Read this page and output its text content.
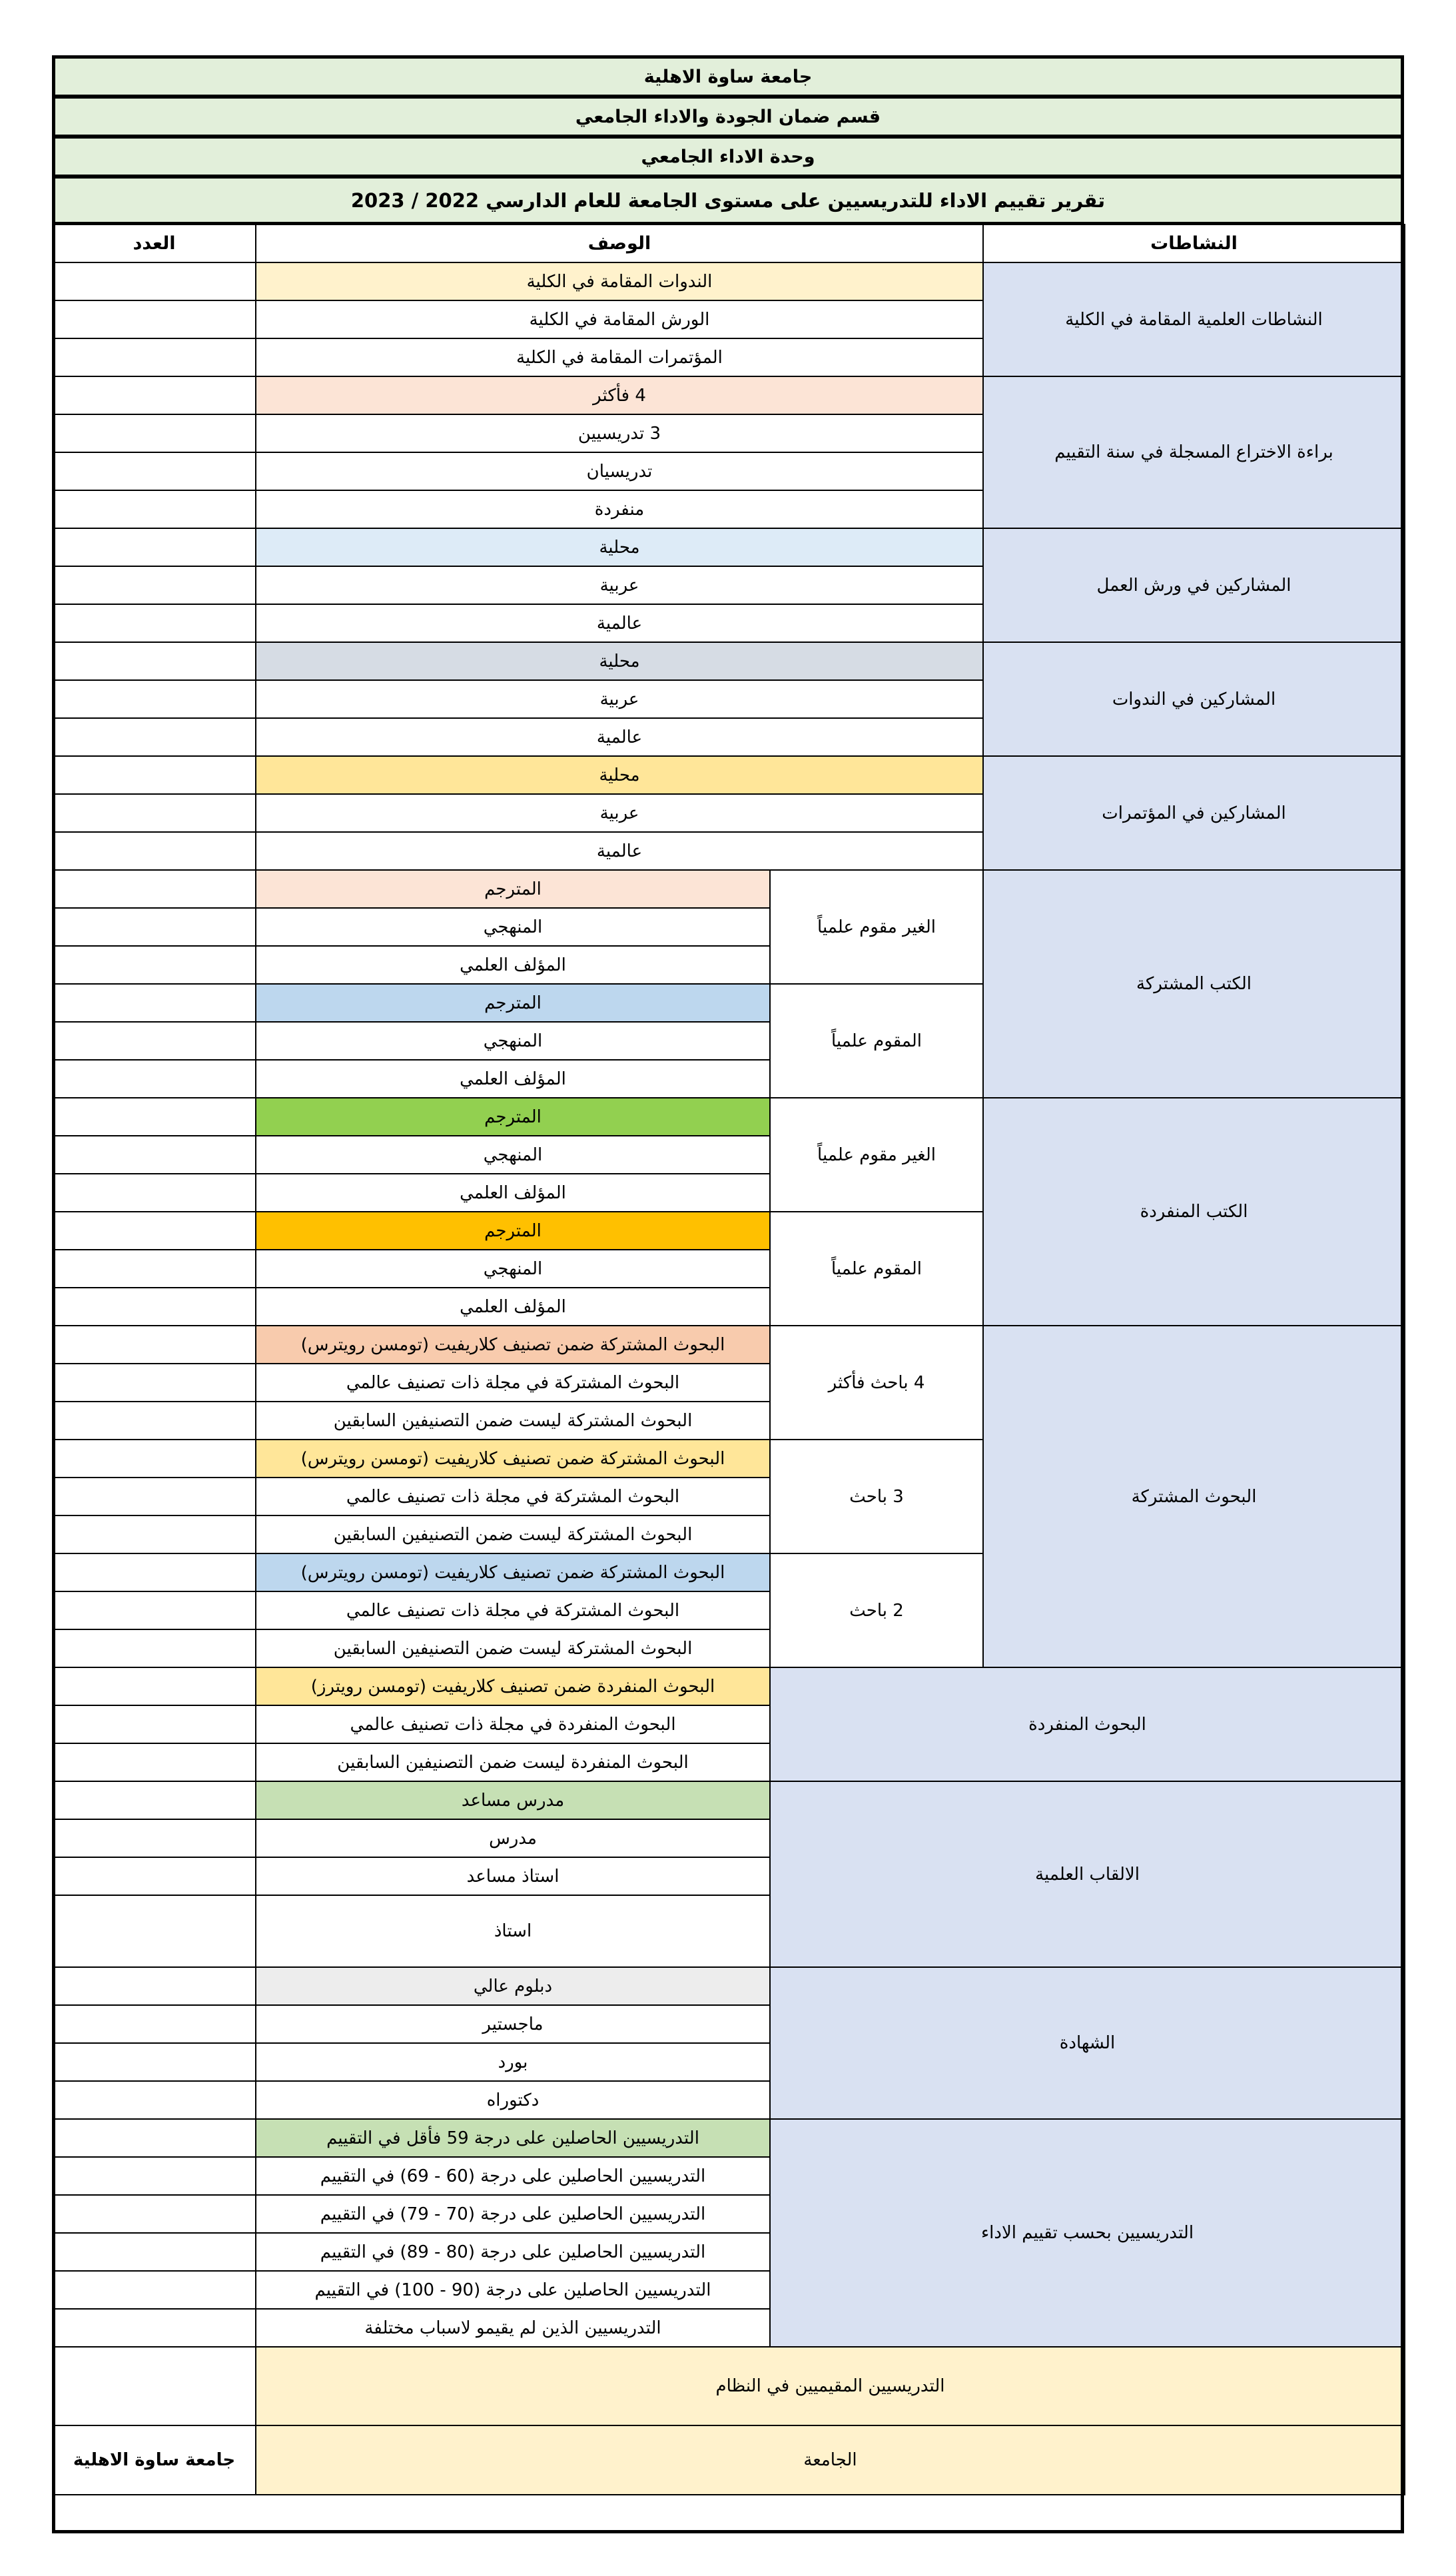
جامعة ساوة الاهلية
قسم ضمان الجودة والاداء الجامعي
وحدة الاداء الجامعي
تقرير تقييم الاداء للتدريسيين على مستوى الجامعة للعام الدارسي 2022 / 2023
النشاطات	الوصف		العدد
النشاطات العلمية المقامة في الكلية	الندوات المقامة في الكلية		
	الورش المقامة في الكلية		
	المؤتمرات المقامة في الكلية		
براءة الاختراع المسجلة في سنة التقييم	4 فأكثر		
	3 تدريسيين		
	تدريسيان		
	منفردة		
المشاركين في ورش العمل	محلية		
	عربية		
	عالمية		
المشاركين في الندوات	محلية		
	عربية		
	عالمية		
المشاركين في المؤتمرات	محلية		
	عربية		
	عالمية		
الكتب المشتركة	الغير مقوم علمياً	المترجم	
		المنهجي	
		المؤلف العلمي	
	المقوم علمياً	المترجم	
		المنهجي	
		المؤلف العلمي	
الكتب المنفردة	الغير مقوم علمياً	المترجم	
		المنهجي	
		المؤلف العلمي	
	المقوم علمياً	المترجم	
		المنهجي	
		المؤلف العلمي	
البحوث المشتركة	4 باحث فأكثر	البحوث المشتركة ضمن تصنيف كلاريفيت (تومسن رويترس)	
		البحوث المشتركة في مجلة ذات تصنيف عالمي	
		البحوث المشتركة ليست ضمن التصنيفين السابقين	
	3 باحث	البحوث المشتركة ضمن تصنيف كلاريفيت (تومسن رويترس)	
		البحوث المشتركة في مجلة ذات تصنيف عالمي	
		البحوث المشتركة ليست ضمن التصنيفين السابقين	
	2 باحث	البحوث المشتركة ضمن تصنيف كلاريفيت (تومسن رويترس)	
		البحوث المشتركة في مجلة ذات تصنيف عالمي	
		البحوث المشتركة ليست ضمن التصنيفين السابقين	
البحوث المنفردة		البحوث المنفردة ضمن تصنيف كلاريفيت (تومسن رويترز)	
		البحوث المنفردة في مجلة ذات تصنيف عالمي	
		البحوث المنفردة ليست ضمن التصنيفين السابقين	
الالقاب العلمية		مدرس مساعد	
		مدرس	
		استاذ مساعد	
		استاذ	
الشهادة		دبلوم عالي	
		ماجستير	
		بورد	
		دكتوراه	
التدريسيين بحسب تقييم الاداء		التدريسيين الحاصلين على درجة 59 فأقل في التقييم	
		التدريسيين الحاصلين على درجة (60 - 69) في التقييم	
		التدريسيين الحاصلين على درجة (70 - 79) في التقييم	
		التدريسيين الحاصلين على درجة (80 - 89) في التقييم	
		التدريسيين الحاصلين على درجة (90 - 100) في التقييم	
		التدريسيين الذين لم يقيمو لاسباب مختلفة	
التدريسيين المقيميين في النظام			
الجامعة			جامعة ساوة الاهلية
